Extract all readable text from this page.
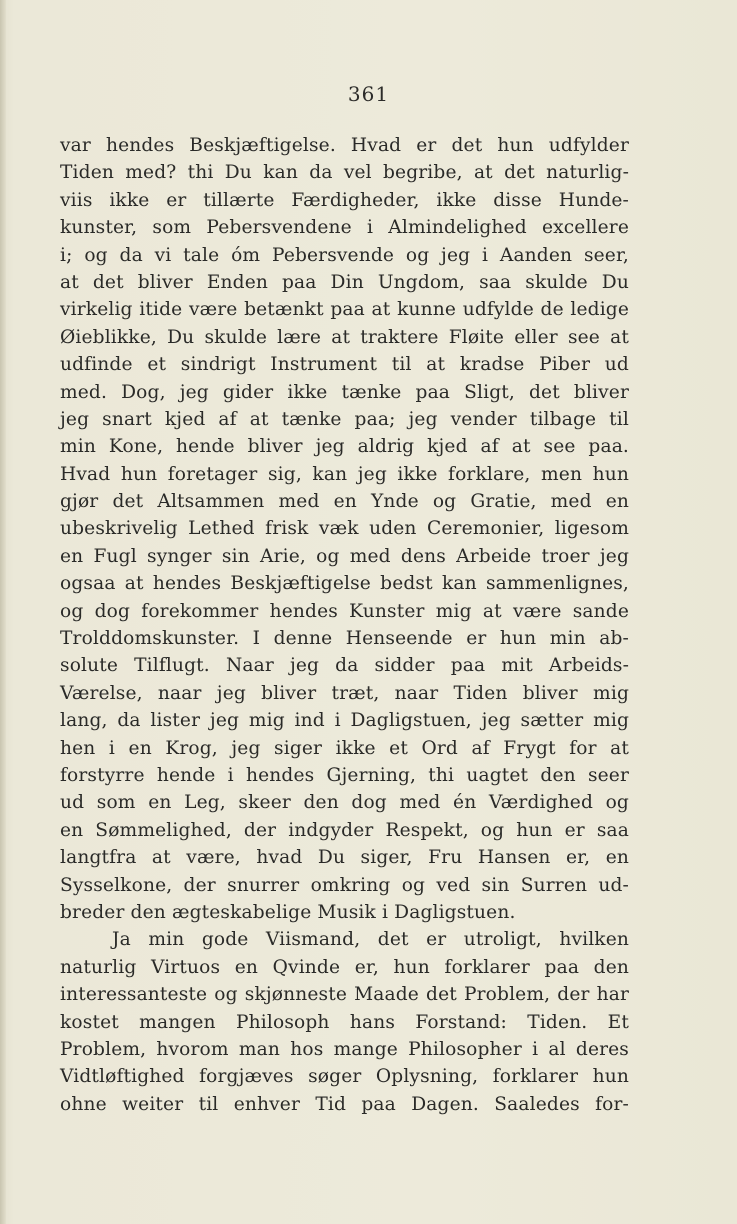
361
var hendes Beskjæftigelse. Hvad er det hun udfylder
Tiden med? thi Du kan da vel begribe, at det naturlig-
viis ikke er tillærte Færdigheder, ikke disse Hunde-
kunster, som Pebersvendene i Almindelighed excellere
i; og da vi tale óm Pebersvende og jeg i Aanden seer,
at det bliver Enden paa Din Ungdom, saa skulde Du
virkelig itide være betænkt paa at kunne udfylde de ledige
Øieblikke, Du skulde lære at traktere Fløite eller see at
udfinde et sindrigt Instrument til at kradse Piber ud
med. Dog, jeg gider ikke tænke paa Sligt, det bliver
jeg snart kjed af at tænke paa; jeg vender tilbage til
min Kone, hende bliver jeg aldrig kjed af at see paa.
Hvad hun foretager sig, kan jeg ikke forklare, men hun
gjør det Altsammen med en Ynde og Gratie, med en
ubeskrivelig Lethed frisk væk uden Ceremonier, ligesom
en Fugl synger sin Arie, og med dens Arbeide troer jeg
ogsaa at hendes Beskjæftigelse bedst kan sammenlignes,
og dog forekommer hendes Kunster mig at være sande
Trolddomskunster. I denne Henseende er hun min ab-
solute Tilflugt. Naar jeg da sidder paa mit Arbeids-
Værelse, naar jeg bliver træt, naar Tiden bliver mig
lang, da lister jeg mig ind i Dagligstuen, jeg sætter mig
hen i en Krog, jeg siger ikke et Ord af Frygt for at
forstyrre hende i hendes Gjerning, thi uagtet den seer
ud som en Leg, skeer den dog med én Værdighed og
en Sømmelighed, der indgyder Respekt, og hun er saa
langtfra at være, hvad Du siger, Fru Hansen er, en
Sysselkone, der snurrer omkring og ved sin Surren ud-
breder den ægteskabelige Musik i Dagligstuen.
Ja min gode Viismand, det er utroligt, hvilken
naturlig Virtuos en Qvinde er, hun forklarer paa den
interessanteste og skjønneste Maade det Problem, der har
kostet mangen Philosoph hans Forstand: Tiden. Et
Problem, hvorom man hos mange Philosopher i al deres
Vidtløftighed forgjæves søger Oplysning, forklarer hun
ohne weiter til enhver Tid paa Dagen. Saaledes for-
